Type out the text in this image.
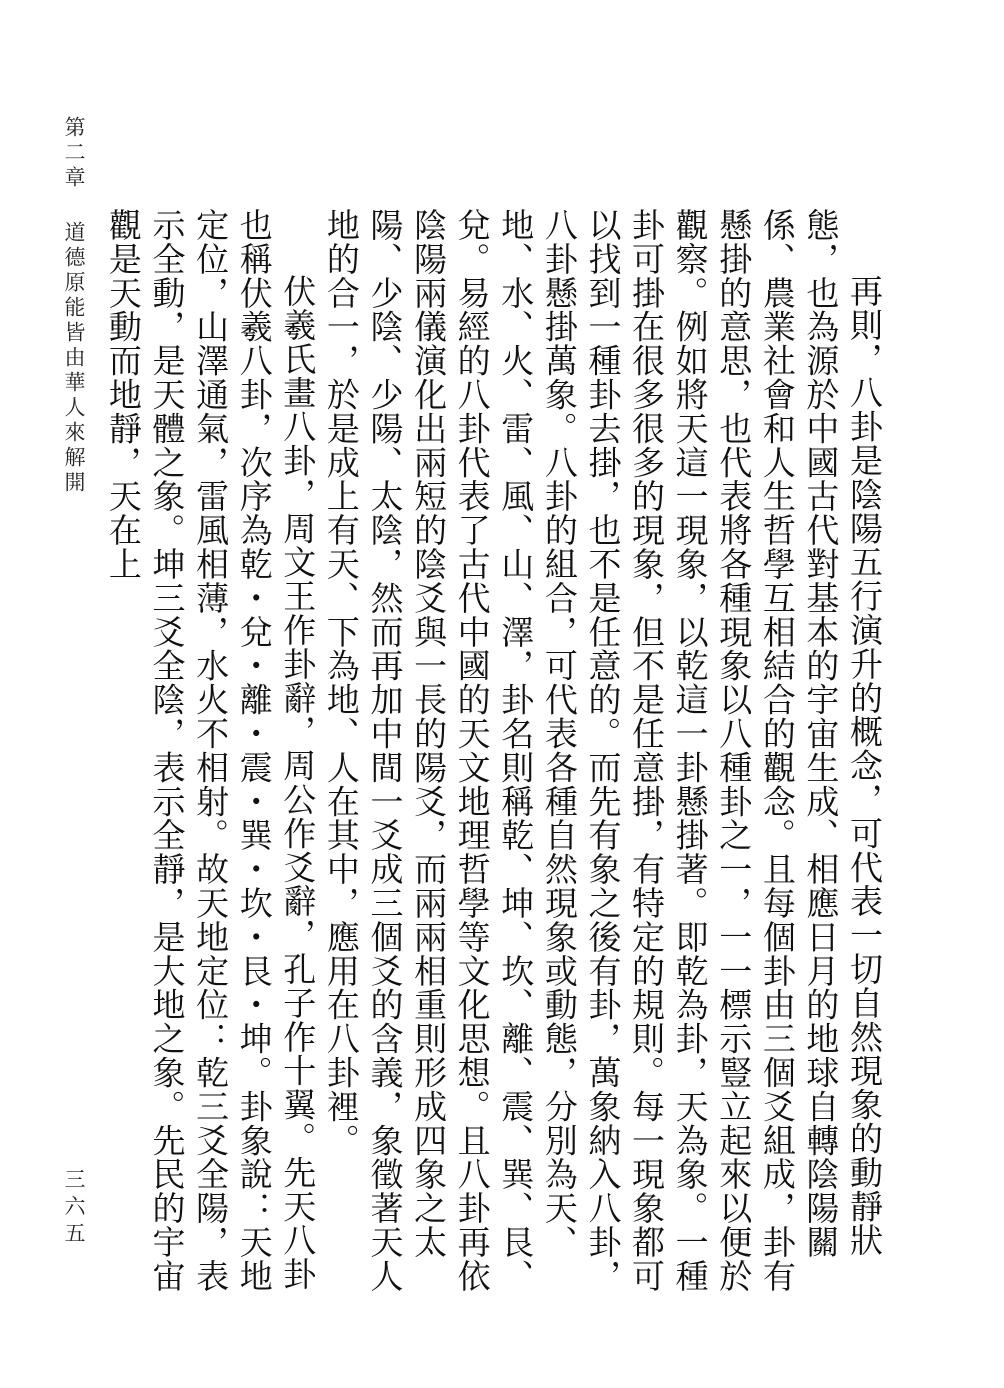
第二章道德原能皆由華人來解開
三六五	再則，八卦是陰陽五行演升的概念，可代表一切自然現象的動靜狀態，也為源於中國古代對基本的宇宙生成、相應日月的地球自轉陰陽關係、農業社會和人生哲學互相結合的觀念。且每個卦由三個爻組成，卦有懸掛的意思，也代表將各種現象以八種卦之一，一一標示豎立起來以便於觀察。例如將天這一現象，以乾這一卦懸掛著。即乾為卦，天為象。一種卦可掛在很多很多的現象，但不是任意掛，有特定的規則。每一現象都可以找到一種卦去掛，也不是任意的。而先有象之後有卦，萬象納入八卦，八卦懸掛萬象。八卦的組合，可代表各種自然現象或動態，分別為天、地、水、火、雷、風、山、澤，卦名則稱乾、坤、坎、離、震、巽、艮、兌。易經的八卦代表了古代中國的天文地理哲學等文化思想。且八卦再依陰陽兩儀演化出兩短的陰爻與一長的陽爻，而兩兩相重則形成四象之太陽、少陰、少陽、太陰，然而再加中間一爻成三個爻的含義，象徵著天人地的合一，於是成上有天、下為地、人在其中，應用在八卦裡。

伏羲氏畫八卦，周文王作卦辭，周公作爻辭，孔子作十翼。先天八卦也稱伏羲八卦，次序為乾・兌・離・震・巽・坎・艮・坤。卦象說：天地定位，山澤通氣，雷風相薄，水火不相射。故天地定位：乾三爻全陽，表示全動，是天體之象。坤三爻全陰，表示全靜，是大地之象。先民的宇宙觀是天動而地靜，天在上
